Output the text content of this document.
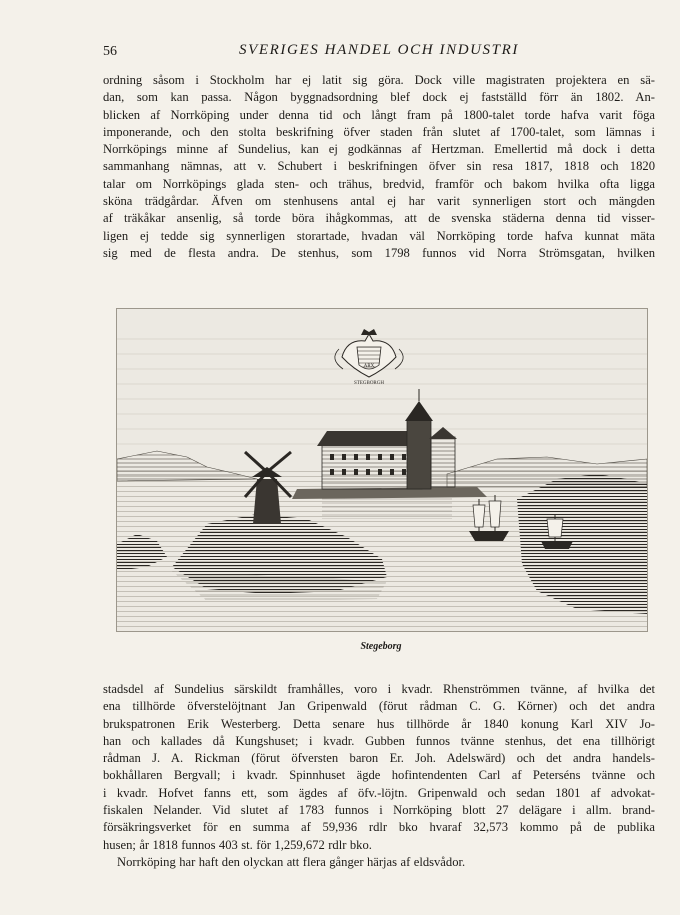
56	SVERIGES HANDEL OCH INDUSTRI

ordning såsom i Stockholm har ej latit sig göra. Dock ville magistraten projektera en sä-
dan, som kan passa. Någon byggnadsordning blef dock ej fastställd förr än 1802. An-
blicken af Norrköping under denna tid och långt fram på 1800-talet torde hafva varit föga
imponerande, och den stolta beskrifning öfver staden från slutet af 1700-talet, som lämnas i
Norrköpings minne af Sundelius, kan ej godkännas af Hertzman. Emellertid må dock i detta
sammanhang nämnas, att v. Schubert i beskrifningen öfver sin resa 1817, 1818 och 1820
talar om Norrköpings glada sten- och trähus, bredvid, framför och bakom hvilka ofta ligga
sköna trädgårdar. Äfven om stenhusens antal ej har varit synnerligen stort och mängden
af träkåkar ansenlig, så torde böra ihågkommas, att de svenska städerna denna tid visser-
ligen ej tedde sig synnerligen storartade, hvadan väl Norrköping torde hafva kunnat mäta
sig med de flesta andra. De stenhus, som 1798 funnos vid Norra Strömsgatan, hvilken

ARX
STEGBORGH
Stegeborg

stadsdel af Sundelius särskildt framhålles, voro i kvadr. Rhenströmmen tvänne, af hvilka det
ena tillhörde öfverstelöjtnant Jan Gripenwald (förut rådman C. G. Körner) och det andra
brukspatronen Erik Westerberg. Detta senare hus tillhörde år 1840 konung Karl XIV Jo-
han och kallades då Kungshuset; i kvadr. Gubben funnos tvänne stenhus, det ena tillhörigt
rådman J. A. Rickman (förut öfversten baron Er. Joh. Adelswärd) och det andra handels-
bokhållaren Bergvall; i kvadr. Spinnhuset ägde hofintendenten Carl af Peterséns tvänne och
i kvadr. Hofvet fanns ett, som ägdes af öfv.-löjtn. Gripenwald och sedan 1801 af advokat-
fiskalen Nelander. Vid slutet af 1783 funnos i Norrköping blott 27 delägare i allm. brand-
försäkringsverket för en summa af 59,936 rdlr bko hvaraf 32,573 kommo på de publika
husen; år 1818 funnos 403 st. för 1,259,672 rdlr bko.

Norrköping har haft den olyckan att flera gånger härjas af eldsvådor.
